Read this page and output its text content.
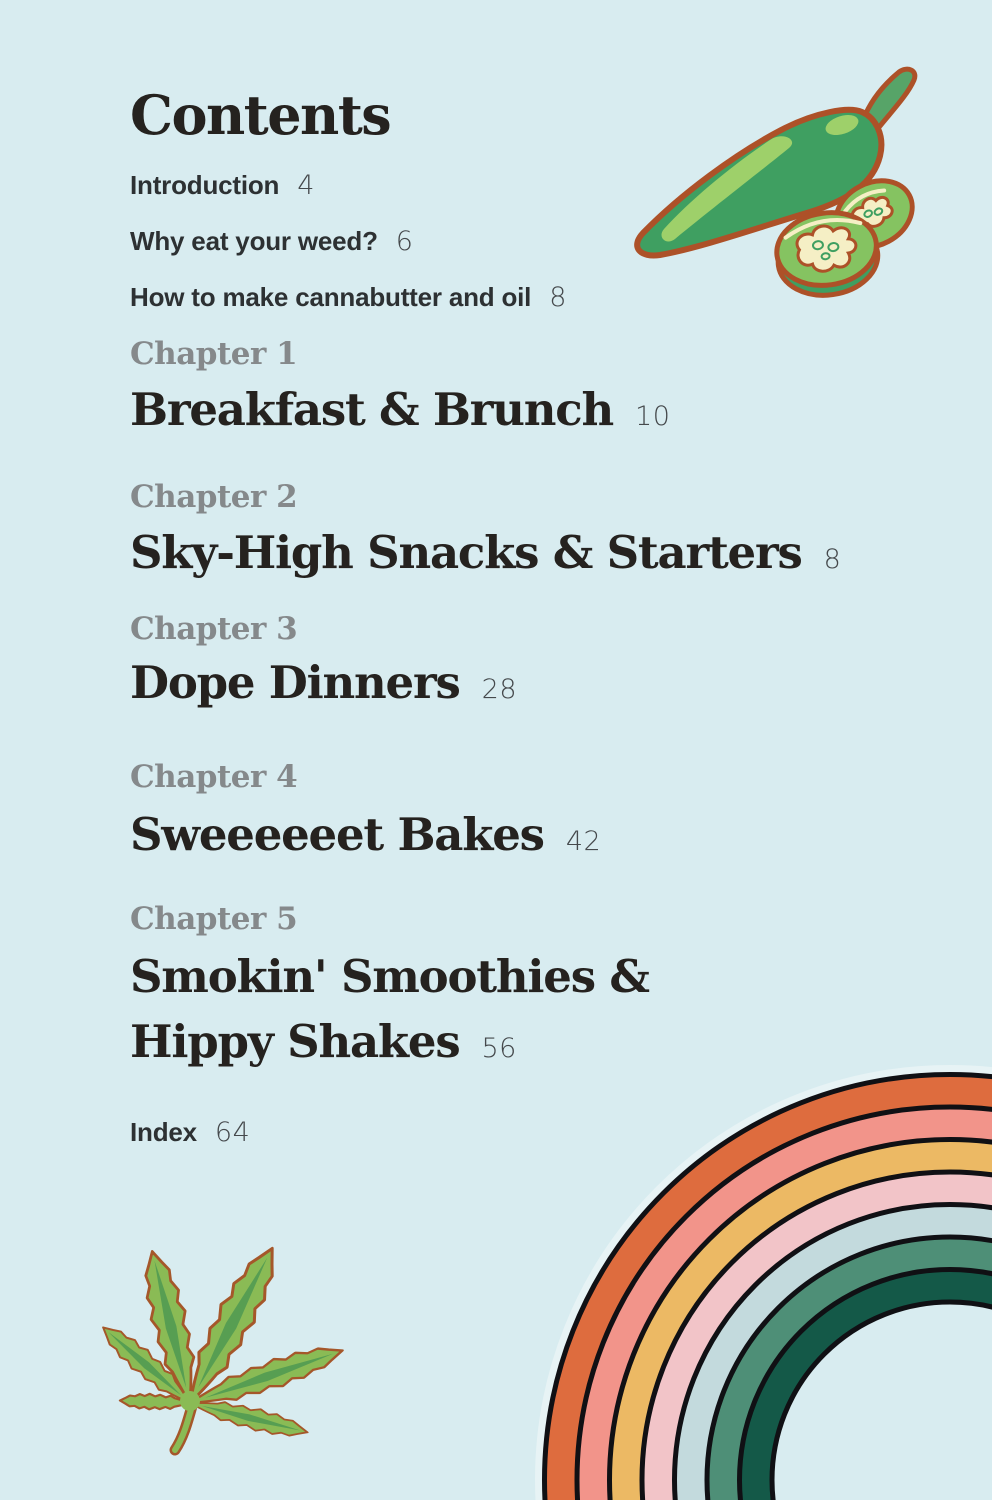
Contents

Introduction 4

Why eat your weed? 6

How to make cannabutter and oil 8

Chapter 1

Breakfast & Brunch 10

Chapter 2

Sky-High Snacks & Starters 8

Chapter 3

Dope Dinners 28

Chapter 4

Sweeeeeet Bakes 42

Chapter 5

Smokin' Smoothies &
Hippy Shakes 56

Index 64
